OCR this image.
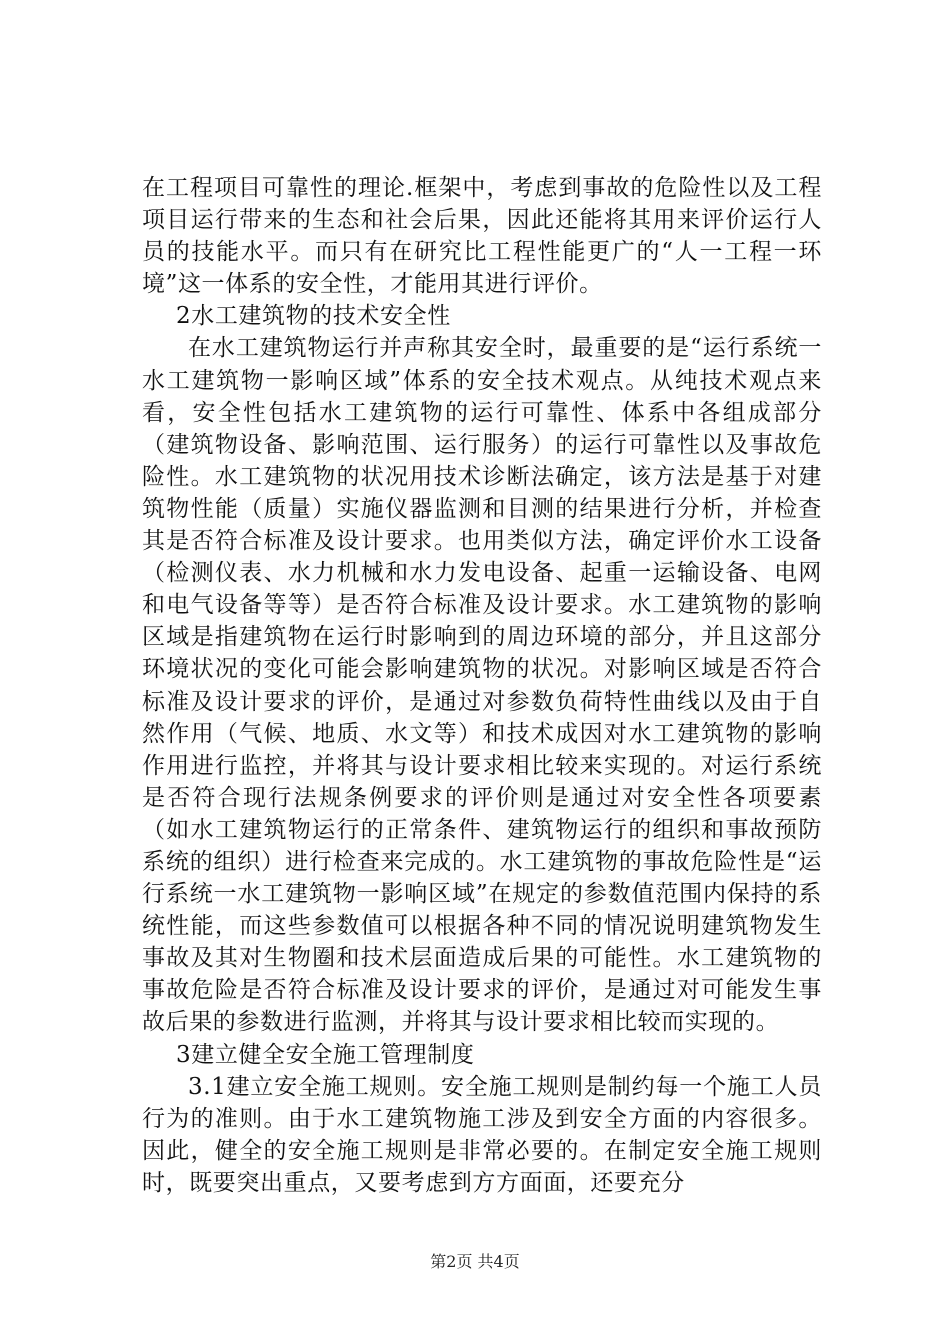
在工程项目可靠性的理论.框架中，考虑到事故的危险性以及工程项目运行带来的生态和社会后果，因此还能将其用来评价运行人员的技能水平。而只有在研究比工程性能更广的“人一工程一环境”这一体系的安全性，才能用其进行评价。

2水工建筑物的技术安全性

在水工建筑物运行并声称其安全时，最重要的是“运行系统一水工建筑物一影响区域”体系的安全技术观点。从纯技术观点来看，安全性包括水工建筑物的运行可靠性、体系中各组成部分（建筑物设备、影响范围、运行服务）的运行可靠性以及事故危险性。水工建筑物的状况用技术诊断法确定，该方法是基于对建筑物性能（质量）实施仪器监测和目测的结果进行分析，并检查其是否符合标准及设计要求。也用类似方法，确定评价水工设备（检测仪表、水力机械和水力发电设备、起重一运输设备、电网和电气设备等等）是否符合标准及设计要求。水工建筑物的影响区域是指建筑物在运行时影响到的周边环境的部分，并且这部分环境状况的变化可能会影响建筑物的状况。对影响区域是否符合标准及设计要求的评价，是通过对参数负荷特性曲线以及由于自然作用（气候、地质、水文等）和技术成因对水工建筑物的影响作用进行监控，并将其与设计要求相比较来实现的。对运行系统是否符合现行法规条例要求的评价则是通过对安全性各项要素（如水工建筑物运行的正常条件、建筑物运行的组织和事故预防系统的组织）进行检查来完成的。水工建筑物的事故危险性是“运行系统一水工建筑物一影响区域”在规定的参数值范围内保持的系统性能，而这些参数值可以根据各种不同的情况说明建筑物发生事故及其对生物圈和技术层面造成后果的可能性。水工建筑物的事故危险是否符合标准及设计要求的评价，是通过对可能发生事故后果的参数进行监测，并将其与设计要求相比较而实现的。

3建立健全安全施工管理制度

3.1建立安全施工规则。安全施工规则是制约每一个施工人员行为的准则。由于水工建筑物施工涉及到安全方面的内容很多。因此，健全的安全施工规则是非常必要的。在制定安全施工规则时，既要突出重点，又要考虑到方方面面，还要充分

第2页 共4页
